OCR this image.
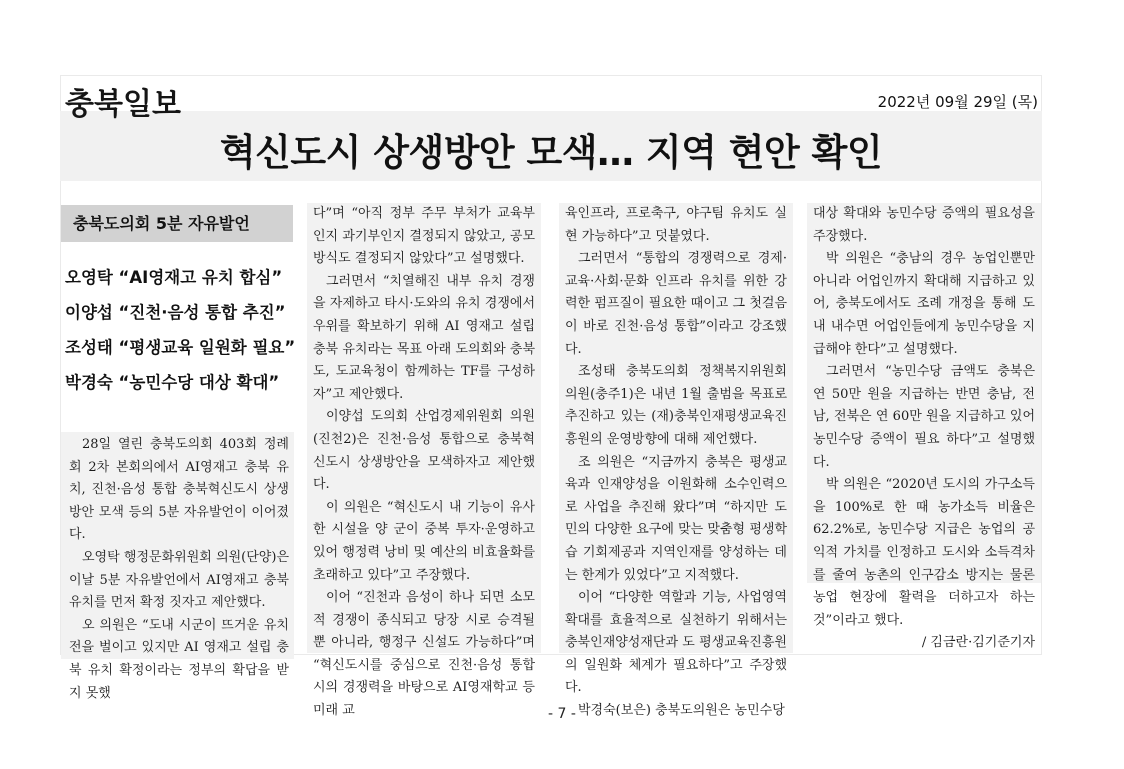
충북일보	2022년 09월 29일 (목)
혁신도시 상생방안 모색… 지역 현안 확인
충북도의회 5분 자유발언
오영탁 “AI영재고 유치 합심”
이양섭 “진천·음성 통합 추진”
조성태 “평생교육 일원화 필요”
박경숙 “농민수당 대상 확대”

28일 열린 충북도의회 403회 정례회 2차 본회의에서 AI영재고 충북 유치, 진천·음성 통합 충북혁신도시 상생방안 모색 등의 5분 자유발언이 이어졌다.

오영탁 행정문화위원회 의원(단양)은 이날 5분 자유발언에서 AI영재고 충북 유치를 먼저 확정 짓자고 제안했다.

오 의원은 “도내 시군이 뜨거운 유치전을 벌이고 있지만 AI 영재고 설립 충북 유치 확정이라는 정부의 확답을 받지 못했

다”며 “아직 정부 주무 부처가 교육부인지 과기부인지 결정되지 않았고, 공모 방식도 결정되지 않았다”고 설명했다.

그러면서 “치열해진 내부 유치 경쟁을 자제하고 타시·도와의 유치 경쟁에서 우위를 확보하기 위해 AI 영재고 설립 충북 유치라는 목표 아래 도의회와 충북도, 도교육청이 함께하는 TF를 구성하자”고 제안했다.

이양섭 도의회 산업경제위원회 의원(진천2)은 진천·음성 통합으로 충북혁신도시 상생방안을 모색하자고 제안했다.

이 의원은 “혁신도시 내 기능이 유사한 시설을 양 군이 중복 투자·운영하고 있어 행정력 낭비 및 예산의 비효율화를 초래하고 있다”고 주장했다.

이어 “진천과 음성이 하나 되면 소모적 경쟁이 종식되고 당장 시로 승격될 뿐 아니라, 행정구 신설도 가능하다”며 “혁신도시를 중심으로 진천·음성 통합시의 경쟁력을 바탕으로 AI영재학교 등 미래 교

육인프라, 프로축구, 야구팀 유치도 실현 가능하다”고 덧붙였다.

그러면서 “통합의 경쟁력으로 경제·교육·사회·문화 인프라 유치를 위한 강력한 펌프질이 필요한 때이고 그 첫걸음이 바로 진천·음성 통합”이라고 강조했다.

조성태 충북도의회 정책복지위원회 의원(충주1)은 내년 1월 출범을 목표로 추진하고 있는 (재)충북인재평생교육진흥원의 운영방향에 대해 제언했다.

조 의원은 “지금까지 충북은 평생교육과 인재양성을 이원화해 소수인력으로 사업을 추진해 왔다”며 “하지만 도민의 다양한 요구에 맞는 맞춤형 평생학습 기회제공과 지역인재를 양성하는 데는 한계가 있었다”고 지적했다.

이어 “다양한 역할과 기능, 사업영역 확대를 효율적으로 실천하기 위해서는 충북인재양성재단과 도 평생교육진흥원의 일원화 체계가 필요하다”고 주장했다.

박경숙(보은) 충북도의원은 농민수당

대상 확대와 농민수당 증액의 필요성을 주장했다.

박 의원은 “충남의 경우 농업인뿐만 아니라 어업인까지 확대해 지급하고 있어, 충북도에서도 조례 개정을 통해 도내 내수면 어업인들에게 농민수당을 지급해야 한다”고 설명했다.

그러면서 “농민수당 금액도 충북은 연 50만 원을 지급하는 반면 충남, 전남, 전북은 연 60만 원을 지급하고 있어 농민수당 증액이 필요 하다”고 설명했다.

박 의원은 “2020년 도시의 가구소득을 100%로 한 때 농가소득 비율은 62.2%로, 농민수당 지급은 농업의 공익적 가치를 인정하고 도시와 소득격차를 줄여 농촌의 인구감소 방지는 물론 농업 현장에 활력을 더하고자 하는 것”이라고 했다.

/ 김금란·김기준기자

- 7 -
